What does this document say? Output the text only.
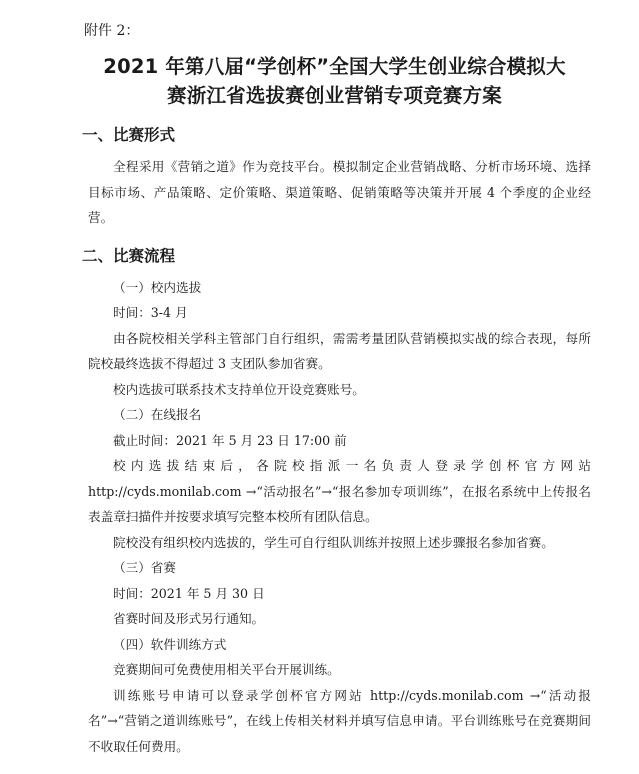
附件 2：
2021 年第八届“学创杯”全国大学生创业综合模拟大
赛浙江省选拔赛创业营销专项竞赛方案
一、比赛形式
全程采用《营销之道》作为竞技平台。模拟制定企业营销战略、分析市场环境、选择目标市场、产品策略、定价策略、渠道策略、促销策略等决策并开展 4 个季度的企业经营。
二、比赛流程
（一）校内选拔
时间：3-4 月
由各院校相关学科主管部门自行组织，需需考量团队营销模拟实战的综合表现，每所院校最终选拔不得超过 3 支团队参加省赛。
校内选拔可联系技术支持单位开设竞赛账号。
（二）在线报名
截止时间：2021 年 5 月 23 日 17:00 前
校内选拔结束后，各院校指派一名负责人登录学创杯官方网站 http://cyds.monilab.com →“活动报名”→“报名参加专项训练”，在报名系统中上传报名表盖章扫描件并按要求填写完整本校所有团队信息。
院校没有组织校内选拔的，学生可自行组队训练并按照上述步骤报名参加省赛。
（三）省赛
时间：2021 年 5 月 30 日
省赛时间及形式另行通知。
（四）软件训练方式
竞赛期间可免费使用相关平台开展训练。
训练账号申请可以登录学创杯官方网站 http://cyds.monilab.com →“活动报名”→“营销之道训练账号”，在线上传相关材料并填写信息申请。平台训练账号在竞赛期间不收取任何费用。
